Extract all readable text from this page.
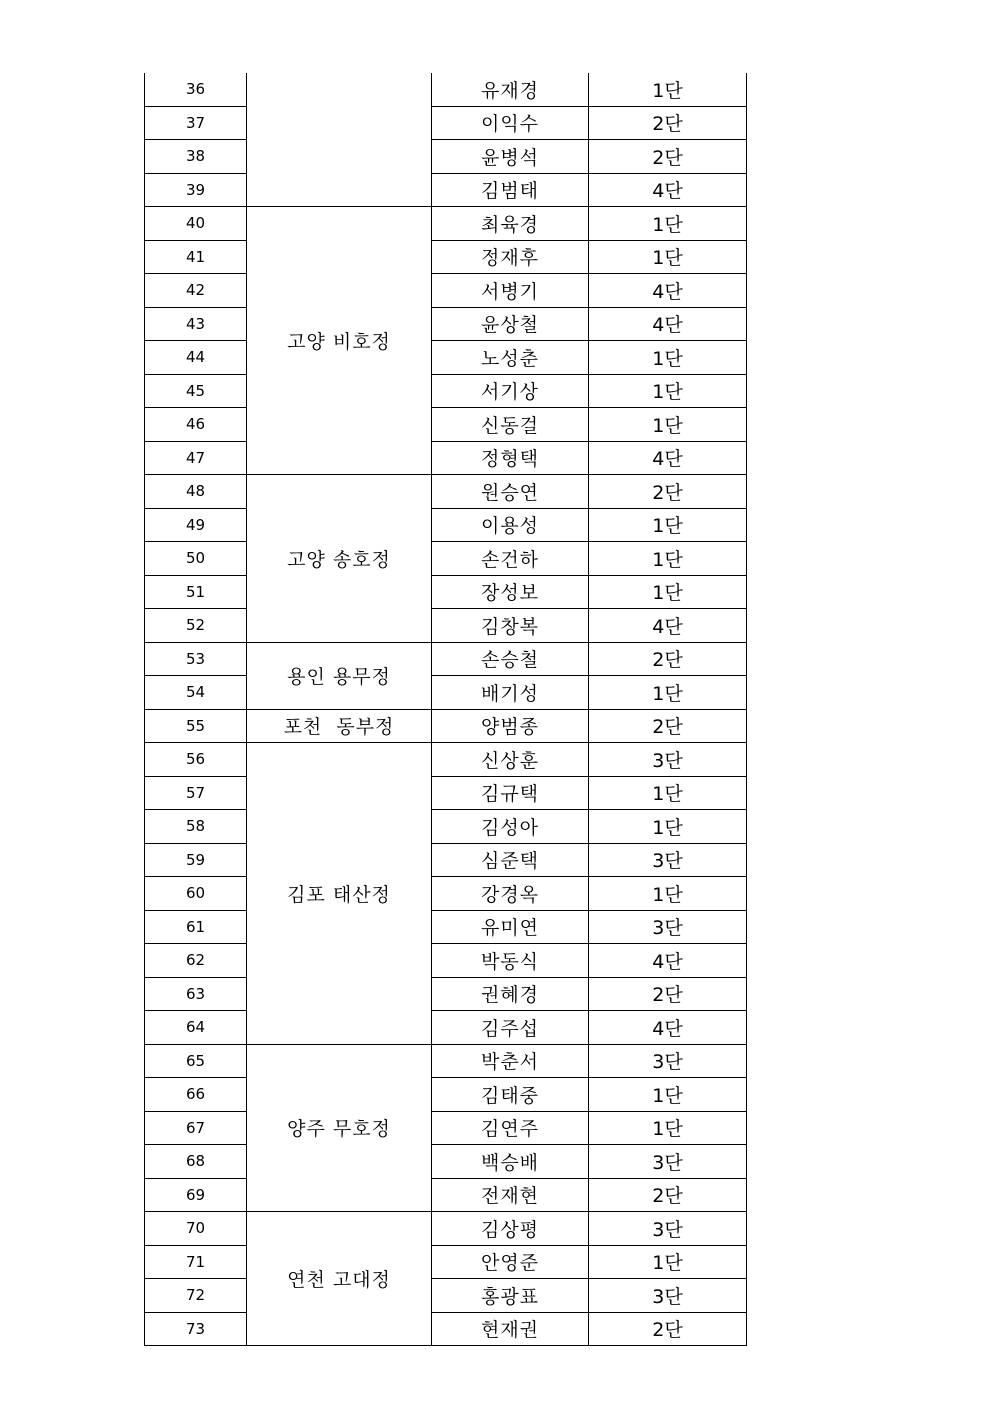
36		유재경	1단
37		이익수	2단
38		윤병석	2단
39		김범태	4단
40	고양 비호정	최육경	1단
41		정재후	1단
42		서병기	4단
43		윤상철	4단
44		노성춘	1단
45		서기상	1단
46		신동걸	1단
47		정형택	4단
48	고양 송호정	원승연	2단
49		이용성	1단
50		손건하	1단
51		장성보	1단
52		김창복	4단
53	용인 용무정	손승철	2단
54		배기성	1단
55	포천  동부정	양범종	2단
56	김포 태산정	신상훈	3단
57		김규택	1단
58		김성아	1단
59		심준택	3단
60		강경옥	1단
61		유미연	3단
62		박동식	4단
63		권혜경	2단
64		김주섭	4단
65	양주 무호정	박춘서	3단
66		김태중	1단
67		김연주	1단
68		백승배	3단
69		전재현	2단
70	연천 고대정	김상평	3단
71		안영준	1단
72		홍광표	3단
73		현재권	2단
